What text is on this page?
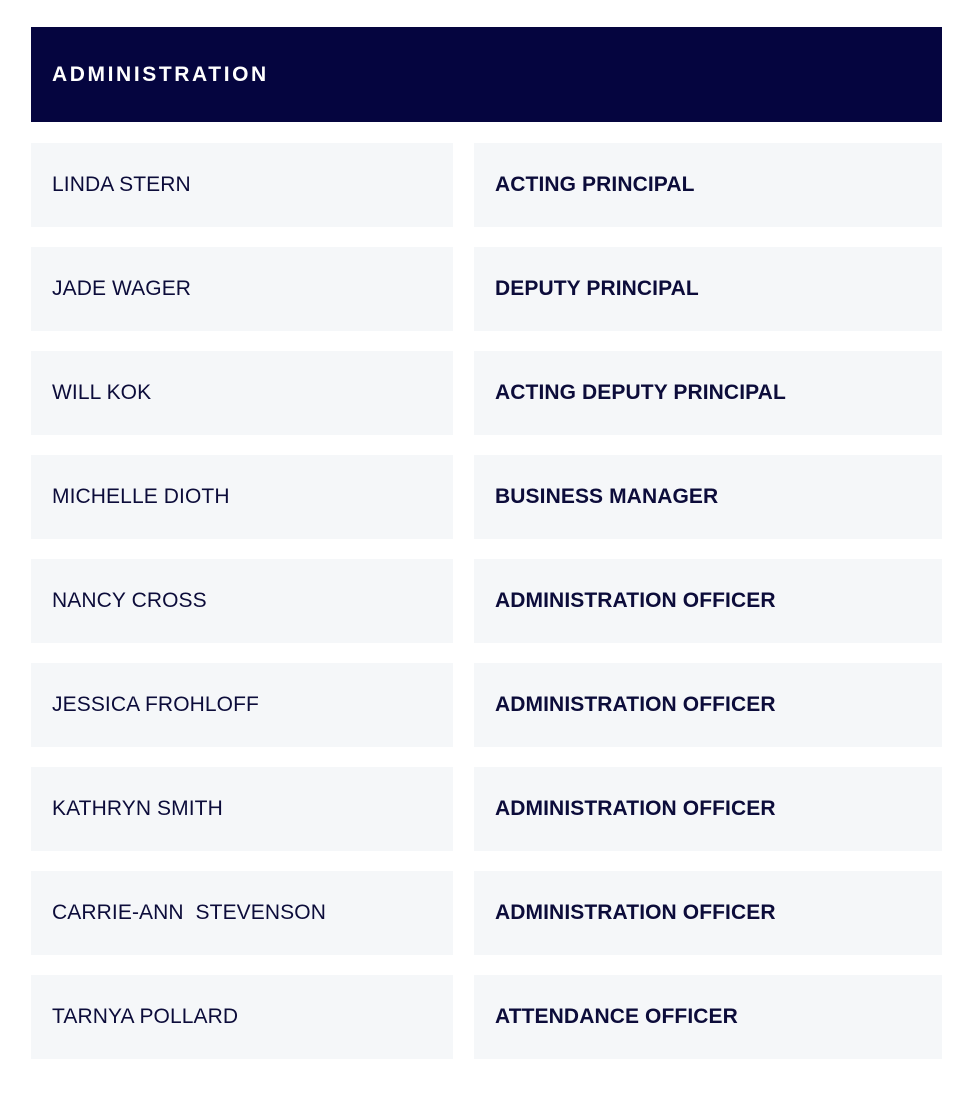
ADMINISTRATION
LINDA STERN	ACTING PRINCIPAL
JADE WAGER	DEPUTY PRINCIPAL
WILL KOK	ACTING DEPUTY PRINCIPAL
MICHELLE DIOTH	BUSINESS MANAGER
NANCY CROSS	ADMINISTRATION OFFICER
JESSICA FROHLOFF	ADMINISTRATION OFFICER
KATHRYN SMITH	ADMINISTRATION OFFICER
CARRIE-ANN  STEVENSON	ADMINISTRATION OFFICER
TARNYA POLLARD	ATTENDANCE OFFICER
